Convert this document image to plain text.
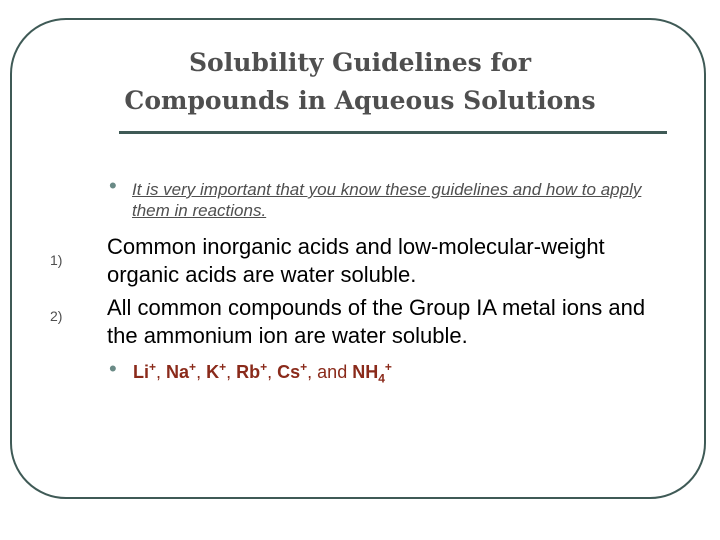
Solubility Guidelines for
Compounds in Aqueous Solutions
• It is very important that you know these guidelines and how to apply them in reactions.
1)
Common inorganic acids and low-molecular-weight organic acids are water soluble.
2) All common compounds of the Group IA metal ions and the ammonium ion are water soluble.
• Li+, Na+, K+, Rb+, Cs+, and $NH_4^+$
